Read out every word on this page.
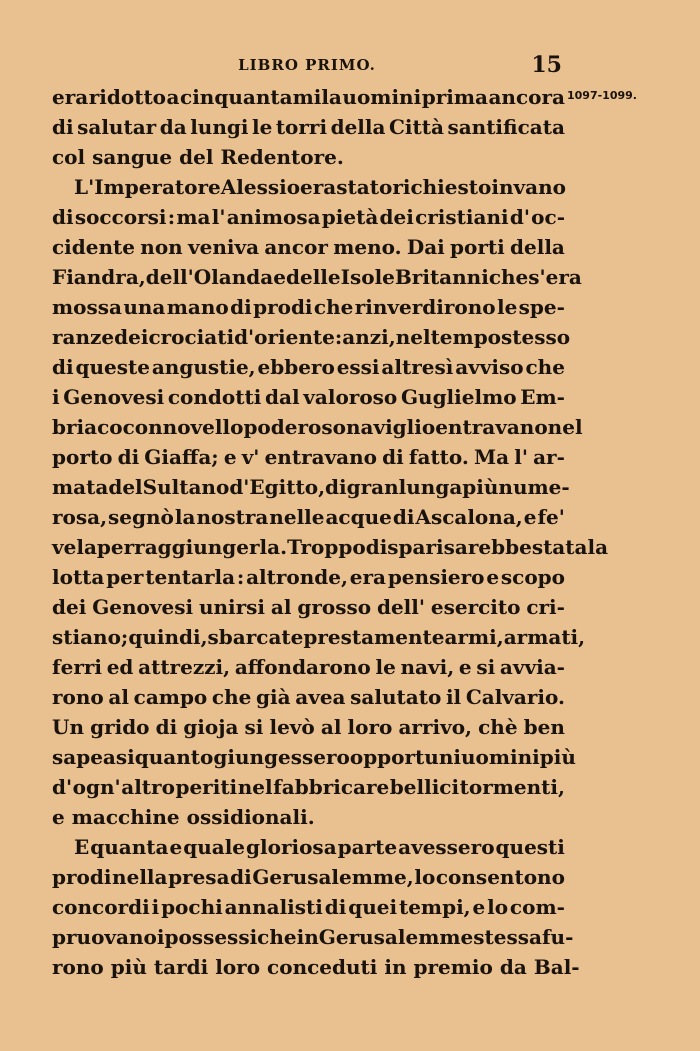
LIBRO PRIMO.	15
1097-1099.
era ridotto a cinquantamila uomini prima ancora
di salutar da lungi le torri della Città santificata
col sangue del Redentore.
L' Imperatore Alessio era stato richiesto invano
di soccorsi : ma l' animosa pietà dei cristiani d' oc-
cidente non veniva ancor meno. Dai porti della
Fiandra, dell' Olanda e delle Isole Britanniche s' era
mossa una mano di prodi che rinverdirono le spe-
ranze dei crociati d' oriente : anzi, nel tempo stesso
di queste angustie, ebbero essi altresì avviso che
i Genovesi condotti dal valoroso Guglielmo Em-
briaco con novello poderoso naviglio entravano nel
porto di Giaffa; e v' entravano di fatto. Ma l' ar-
mata del Sultano d' Egitto, di gran lunga più nume-
rosa, segnò la nostra nelle acque di Ascalona, e fe'
vela per raggiungerla. Troppo dispari sarebbe stata la
lotta per tentarla : altronde, era pensiero e scopo
dei Genovesi unirsi al grosso dell' esercito cri-
stiano; quindi, sbarcate prestamente armi, armati,
ferri ed attrezzi, affondarono le navi, e si avvia-
rono al campo che già avea salutato il Calvario.
Un grido di gioja si levò al loro arrivo, chè ben
sapeasi quanto giungessero opportuni uomini più
d' ogn' altro periti nel fabbricare bellici tormenti,
e macchine ossidionali.
E quanta e quale gloriosa parte avessero questi
prodi nella presa di Gerusalemme, lo consentono
concordi i pochi annalisti di quei tempi, e lo com-
pruovano i possessi che in Gerusalemme stessa fu-
rono più tardi loro conceduti in premio da Bal-
